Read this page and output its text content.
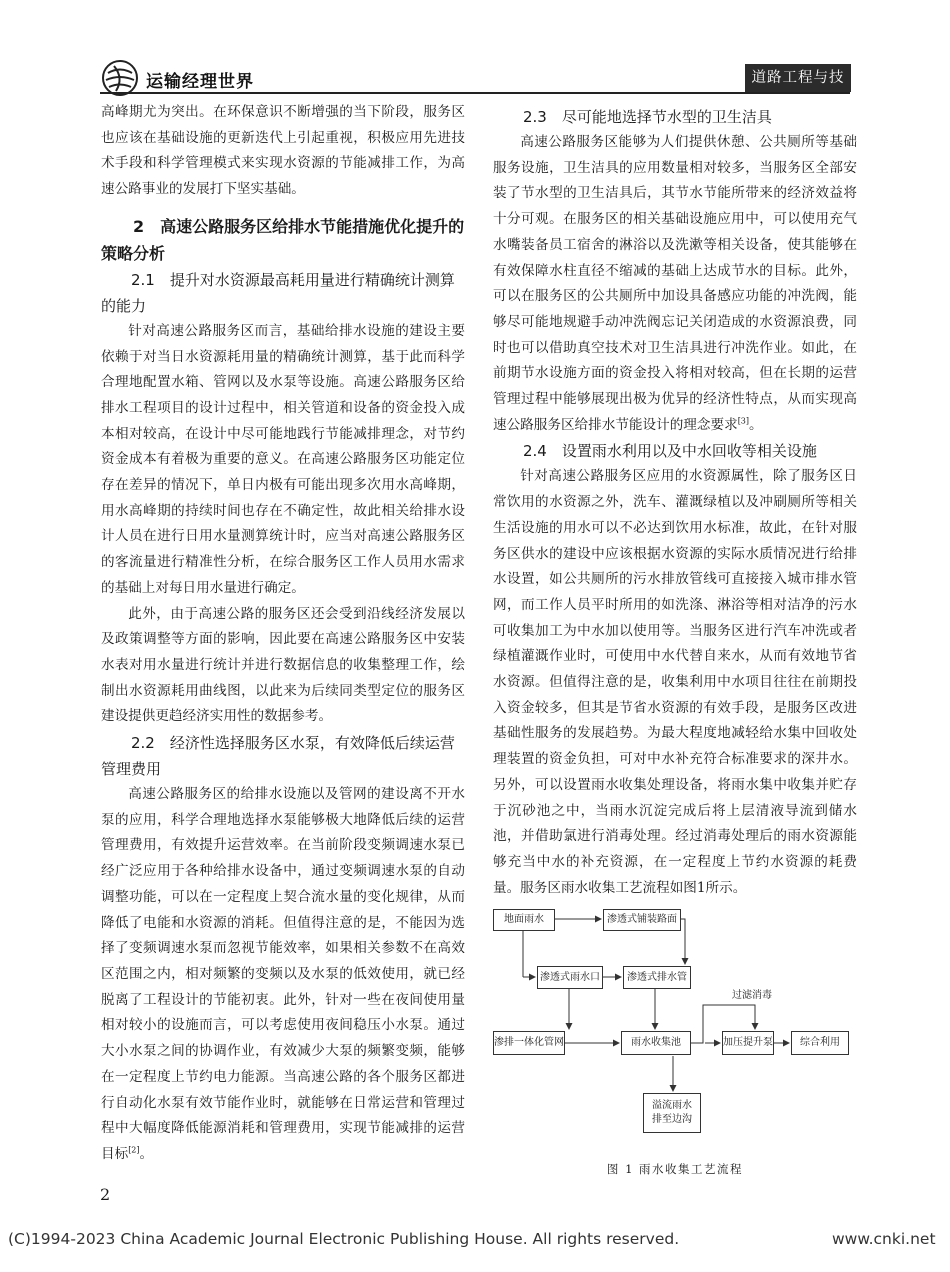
运输经理世界	道路工程与技术

高峰期尤为突出。在环保意识不断增强的当下阶段，服务区也应该在基础设施的更新迭代上引起重视，积极应用先进技术手段和科学管理模式来实现水资源的节能减排工作，为高速公路事业的发展打下坚实基础。

2　高速公路服务区给排水节能措施优化提升的策略分析
2.1　提升对水资源最高耗用量进行精确统计测算的能力

针对高速公路服务区而言，基础给排水设施的建设主要依赖于对当日水资源耗用量的精确统计测算，基于此而科学合理地配置水箱、管网以及水泵等设施。高速公路服务区给排水工程项目的设计过程中，相关管道和设备的资金投入成本相对较高，在设计中尽可能地践行节能减排理念，对节约资金成本有着极为重要的意义。在高速公路服务区功能定位存在差异的情况下，单日内极有可能出现多次用水高峰期，用水高峰期的持续时间也存在不确定性，故此相关给排水设计人员在进行日用水量测算统计时，应当对高速公路服务区的客流量进行精准性分析，在综合服务区工作人员用水需求的基础上对每日用水量进行确定。

此外，由于高速公路的服务区还会受到沿线经济发展以及政策调整等方面的影响，因此要在高速公路服务区中安装水表对用水量进行统计并进行数据信息的收集整理工作，绘制出水资源耗用曲线图，以此来为后续同类型定位的服务区建设提供更趋经济实用性的数据参考。

2.2　经济性选择服务区水泵，有效降低后续运营管理费用

高速公路服务区的给排水设施以及管网的建设离不开水泵的应用，科学合理地选择水泵能够极大地降低后续的运营管理费用，有效提升运营效率。在当前阶段变频调速水泵已经广泛应用于各种给排水设备中，通过变频调速水泵的自动调整功能，可以在一定程度上契合流水量的变化规律，从而降低了电能和水资源的消耗。但值得注意的是，不能因为选择了变频调速水泵而忽视节能效率，如果相关参数不在高效区范围之内，相对频繁的变频以及水泵的低效使用，就已经脱离了工程设计的节能初衷。此外，针对一些在夜间使用量相对较小的设施而言，可以考虑使用夜间稳压小水泵。通过大小水泵之间的协调作业，有效减少大泵的频繁变频，能够在一定程度上节约电力能源。当高速公路的各个服务区都进行自动化水泵有效节能作业时，就能够在日常运营和管理过程中大幅度降低能源消耗和管理费用，实现节能减排的运营目标[2]。

2.3　尽可能地选择节水型的卫生洁具

高速公路服务区能够为人们提供休憩、公共厕所等基础服务设施，卫生洁具的应用数量相对较多，当服务区全部安装了节水型的卫生洁具后，其节水节能所带来的经济效益将十分可观。在服务区的相关基础设施应用中，可以使用充气水嘴装备员工宿舍的淋浴以及洗漱等相关设备，使其能够在有效保障水柱直径不缩减的基础上达成节水的目标。此外，可以在服务区的公共厕所中加设具备感应功能的冲洗阀，能够尽可能地规避手动冲洗阀忘记关闭造成的水资源浪费，同时也可以借助真空技术对卫生洁具进行冲洗作业。如此，在前期节水设施方面的资金投入将相对较高，但在长期的运营管理过程中能够展现出极为优异的经济性特点，从而实现高速公路服务区给排水节能设计的理念要求[3]。

2.4　设置雨水利用以及中水回收等相关设施

针对高速公路服务区应用的水资源属性，除了服务区日常饮用的水资源之外，洗车、灌溉绿植以及冲刷厕所等相关生活设施的用水可以不必达到饮用水标准，故此，在针对服务区供水的建设中应该根据水资源的实际水质情况进行给排水设置，如公共厕所的污水排放管线可直接接入城市排水管网，而工作人员平时所用的如洗涤、淋浴等相对洁净的污水可收集加工为中水加以使用等。当服务区进行汽车冲洗或者绿植灌溉作业时，可使用中水代替自来水，从而有效地节省水资源。但值得注意的是，收集利用中水项目往往在前期投入资金较多，但其是节省水资源的有效手段，是服务区改进基础性服务的发展趋势。为最大程度地减轻给水集中回收处理装置的资金负担，可对中水补充符合标准要求的深井水。另外，可以设置雨水收集处理设备，将雨水集中收集并贮存于沉砂池之中，当雨水沉淀完成后将上层清液导流到储水池，并借助氯进行消毒处理。经过消毒处理后的雨水资源能够充当中水的补充资源，在一定程度上节约水资源的耗费量。服务区雨水收集工艺流程如图1所示。

地面雨水	渗透式铺装路面
渗透式雨水口	渗透式排水管
过滤消毒
渗排一体化管网	雨水收集池	加压提升泵	综合利用
溢流雨水
排至边沟
图 1 雨水收集工艺流程
2
(C)1994-2023 China Academic Journal Electronic Publishing House. All rights reserved.	www.cnki.net
